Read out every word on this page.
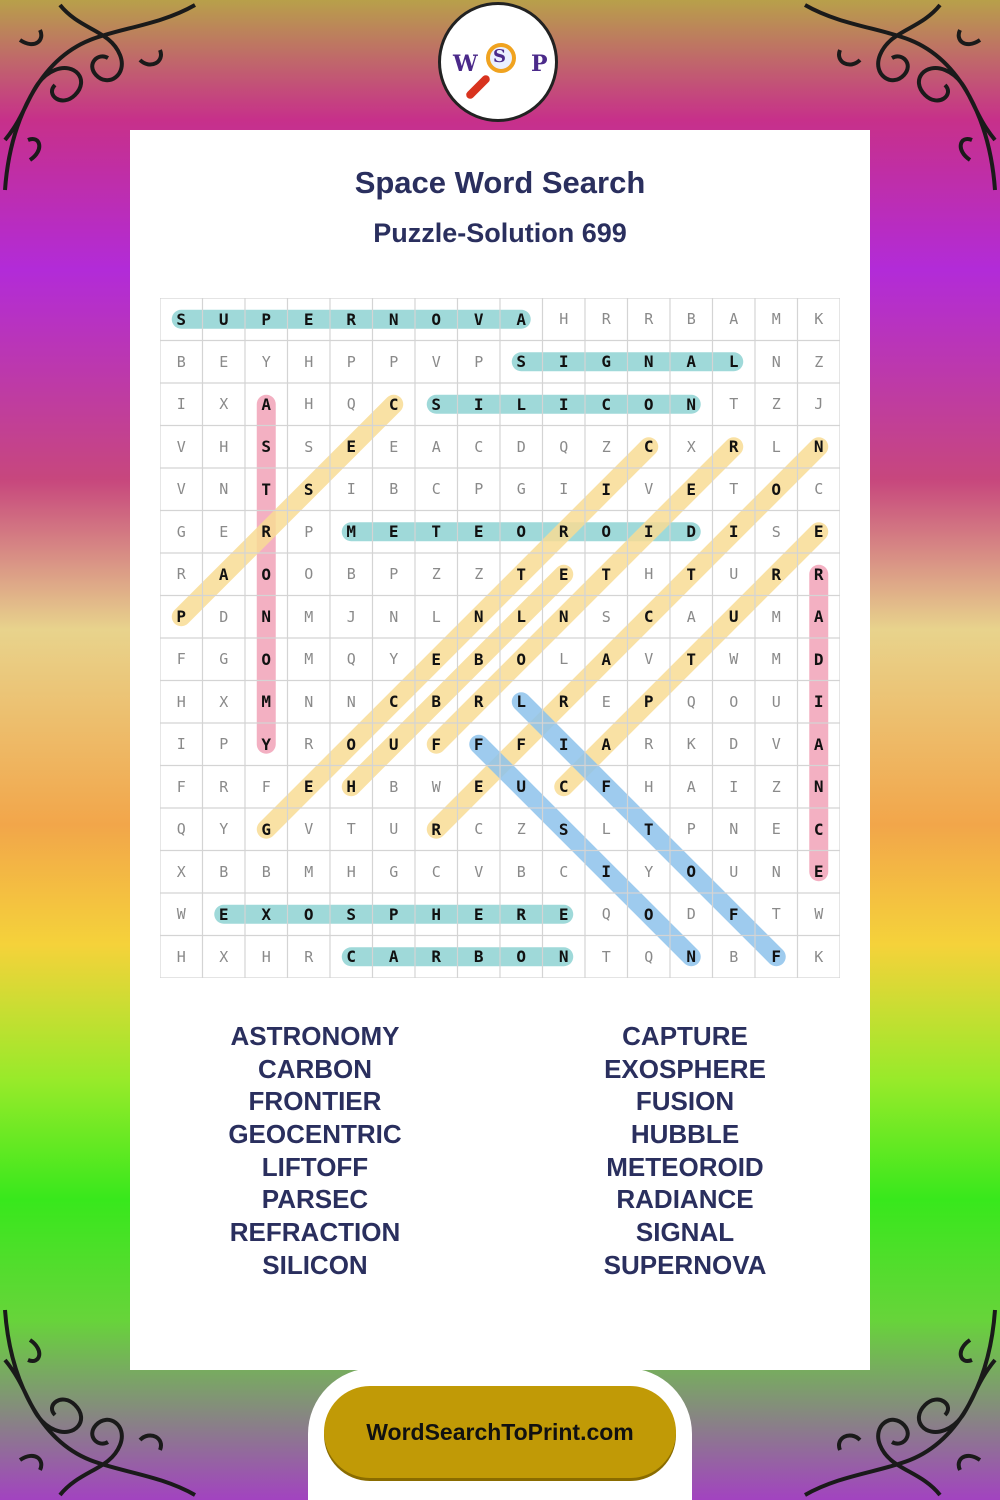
W S P
Space Word Search
Puzzle-Solution 699
S	U	P	E	R	N	O	V	A	H	R	R	B	A	M	K
B	E	Y	H	P	P	V	P	S	I	G	N	A	L	N	Z
I	X	A	H	Q	C	S	I	L	I	C	O	N	T	Z	J
V	H	S	S	E	E	A	C	D	Q	Z	C	X	R	L	N
V	N	T	S	I	B	C	P	G	I	I	V	E	T	O	C
G	E	R	P	M	E	T	E	O	R	O	I	D	I	S	E
R	A	O	O	B	P	Z	Z	T	E	T	H	T	U	R	R
P	D	N	M	J	N	L	N	L	N	S	C	A	U	M	A
F	G	O	M	Q	Y	E	B	O	L	A	V	T	W	M	D
H	X	M	N	N	C	B	R	L	R	E	P	Q	O	U	I
I	P	Y	R	O	U	F	F	F	I	A	R	K	D	V	A
F	R	F	E	H	B	W	E	U	C	F	H	A	I	Z	N
Q	Y	G	V	T	U	R	C	Z	S	L	T	P	N	E	C
X	B	B	M	H	G	C	V	B	C	I	Y	O	U	N	E
W	E	X	O	S	P	H	E	R	E	Q	O	D	F	T	W
H	X	H	R	C	A	R	B	O	N	T	Q	N	B	F	K
ASTRONOMY
CARBON
FRONTIER
GEOCENTRIC
LIFTOFF
PARSEC
REFRACTION
SILICON
CAPTURE
EXOSPHERE
FUSION
HUBBLE
METEOROID
RADIANCE
SIGNAL
SUPERNOVA
WordSearchToPrint.com
